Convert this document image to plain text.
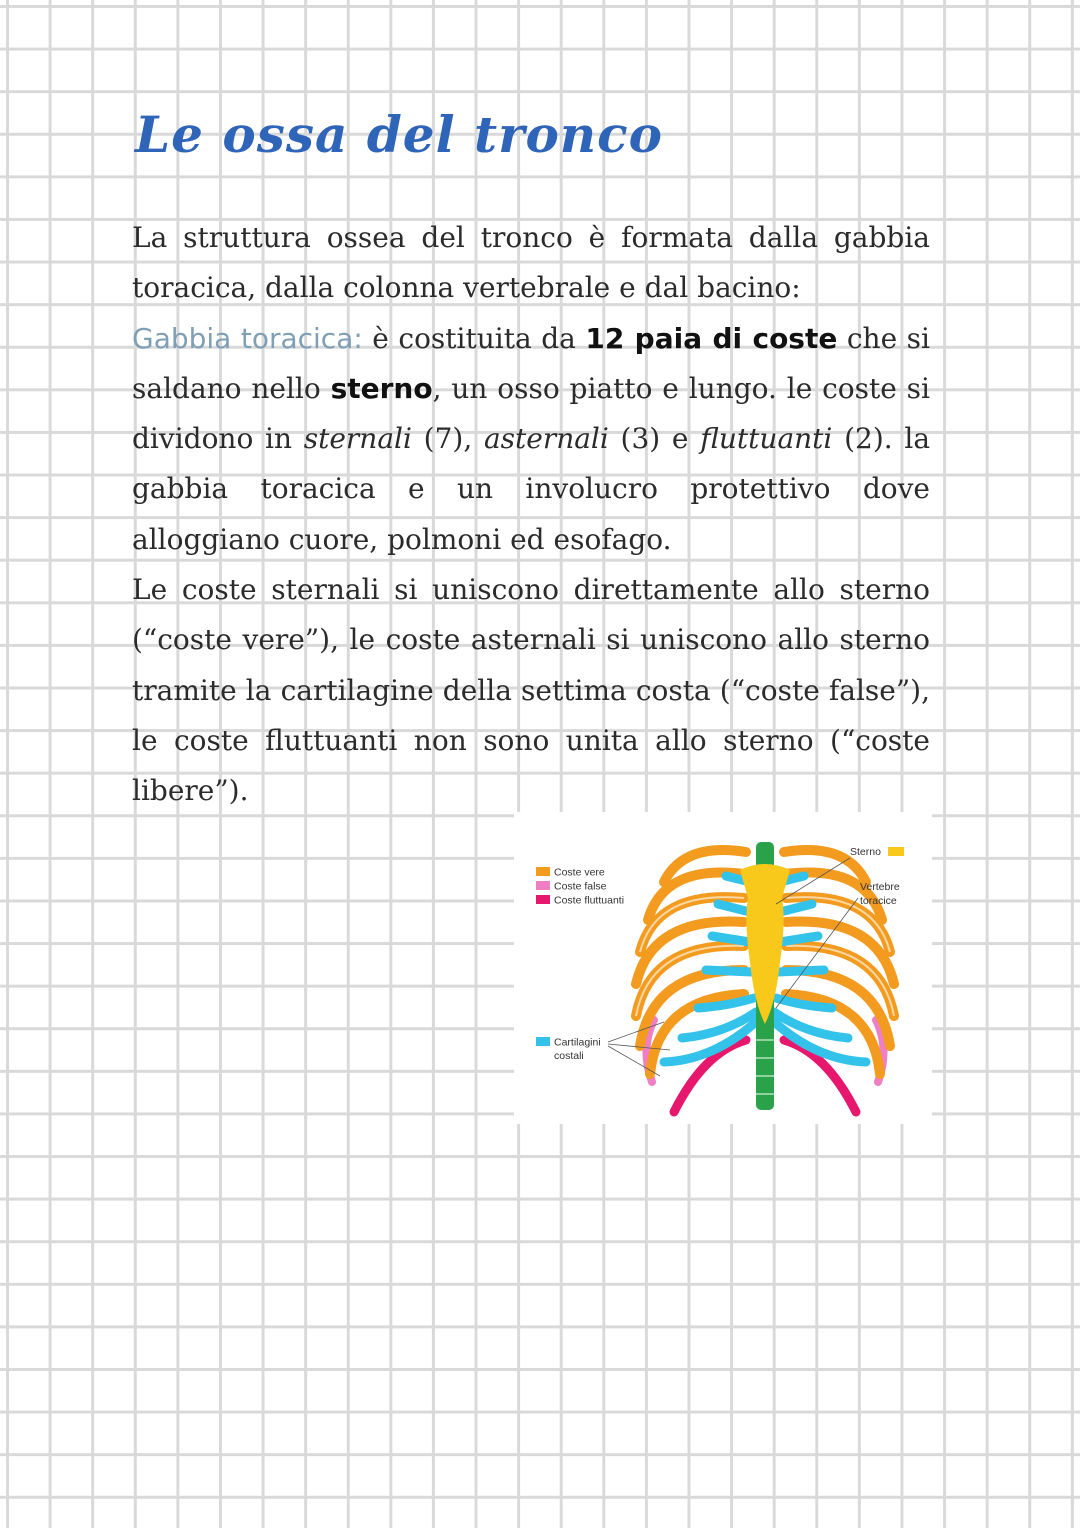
Le ossa del tronco

La struttura ossea del tronco è formata dalla gabbia toracica, dalla colonna vertebrale e dal bacino:

Gabbia toracica: è costituita da 12 paia di coste che si saldano nello sterno, un osso piatto e lungo. le coste si dividono in sternali (7), asternali (3) e fluttuanti (2). la gabbia toracica e un involucro protettivo dove alloggiano cuore, polmoni ed esofago.

Le coste sternali si uniscono direttamente allo sterno (“coste vere”), le coste asternali si uniscono allo sterno tramite la cartilagine della settima costa (“coste false”), le coste fluttuanti non sono unita allo sterno (“coste libere”).

Coste vere
Coste false
Coste fluttuanti
Sterno
Vertebre
toracice
Cartilagini
costali
